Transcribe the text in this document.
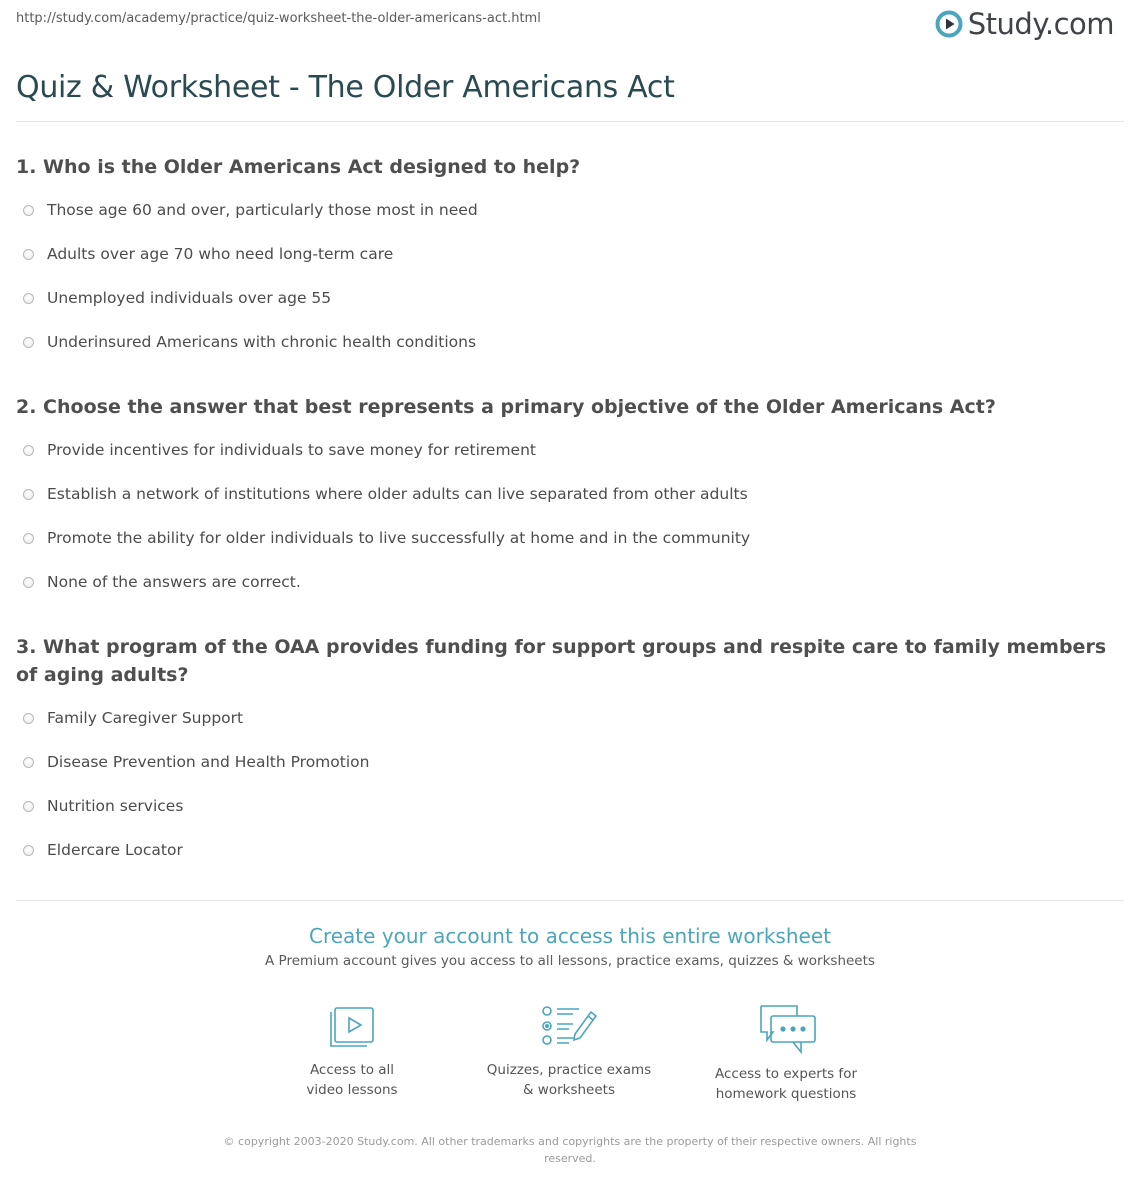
http://study.com/academy/practice/quiz-worksheet-the-older-americans-act.html	Study.com
Quiz & Worksheet - The Older Americans Act
1. Who is the Older Americans Act designed to help?
Those age 60 and over, particularly those most in need
Adults over age 70 who need long-term care
Unemployed individuals over age 55
Underinsured Americans with chronic health conditions
2. Choose the answer that best represents a primary objective of the Older Americans Act?
Provide incentives for individuals to save money for retirement
Establish a network of institutions where older adults can live separated from other adults
Promote the ability for older individuals to live successfully at home and in the community
None of the answers are correct.
3. What program of the OAA provides funding for support groups and respite care to family members of aging adults?
Family Caregiver Support
Disease Prevention and Health Promotion
Nutrition services
Eldercare Locator
Create your account to access this entire worksheet
A Premium account gives you access to all lessons, practice exams, quizzes & worksheets
Access to all
video lessons
Quizzes, practice exams
& worksheets
Access to experts for
homework questions
© copyright 2003-2020 Study.com. All other trademarks and copyrights are the property of their respective owners. All rights reserved.
